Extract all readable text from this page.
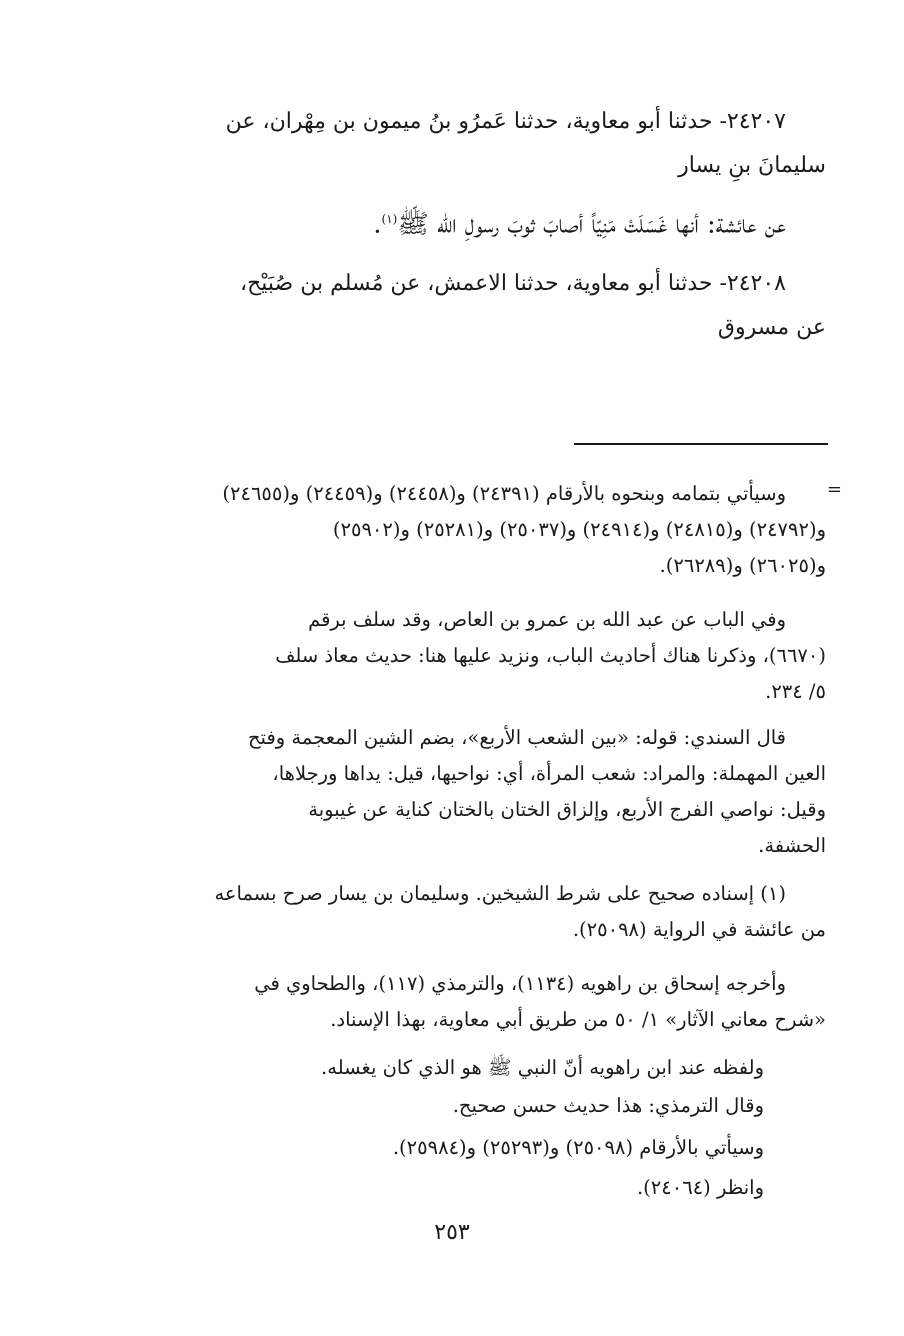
٢٤٢٠٧- حدثنا أبو معاوية، حدثنا عَمرُو بنُ ميمون بن مِهْران، عن
سليمانَ بنِ يسار
عن عائشة: أنها غَسَلَتْ مَنِيّاً أصابَ ثوبَ رسولِ الله ﷺ$^{(١)}$.
٢٤٢٠٨- حدثنا أبو معاوية، حدثنا الاعمش، عن مُسلم بن صُبَيْح،
عن مسروق
=
وسيأتي بتمامه وبنحوه بالأرقام (٢٤٣٩١) و(٢٤٤٥٨) و(٢٤٤٥٩) و(٢٤٦٥٥)
و(٢٤٧٩٢) و(٢٤٨١٥) و(٢٤٩١٤) و(٢٥٠٣٧) و(٢٥٢٨١) و(٢٥٩٠٢)
و(٢٦٠٢٥) و(٢٦٢٨٩).
وفي الباب عن عبد الله بن عمرو بن العاص، وقد سلف برقم
(٦٦٧٠)، وذكرنا هناك أحاديث الباب، ونزيد عليها هنا: حديث معاذ سلف
٥/ ٢٣٤.
قال السندي: قوله: «بين الشعب الأربع»، بضم الشين المعجمة وفتح
العين المهملة: والمراد: شعب المرأة، أي: نواحيها، قيل: يداها ورجلاها،
وقيل: نواصي الفرج الأربع، وإلزاق الختان بالختان كناية عن غيبوبة
الحشفة.
(١) إسناده صحيح على شرط الشيخين. وسليمان بن يسار صرح بسماعه
من عائشة في الرواية (٢٥٠٩٨).
وأخرجه إسحاق بن راهويه (١١٣٤)، والترمذي (١١٧)، والطحاوي في
«شرح معاني الآثار» ١/ ٥٠ من طريق أبي معاوية، بهذا الإسناد.
ولفظه عند ابن راهويه أنّ النبي ﷺ هو الذي كان يغسله.
وقال الترمذي: هذا حديث حسن صحيح.
وسيأتي بالأرقام (٢٥٠٩٨) و(٢٥٢٩٣) و(٢٥٩٨٤).
وانظر (٢٤٠٦٤).
٢٥٣
